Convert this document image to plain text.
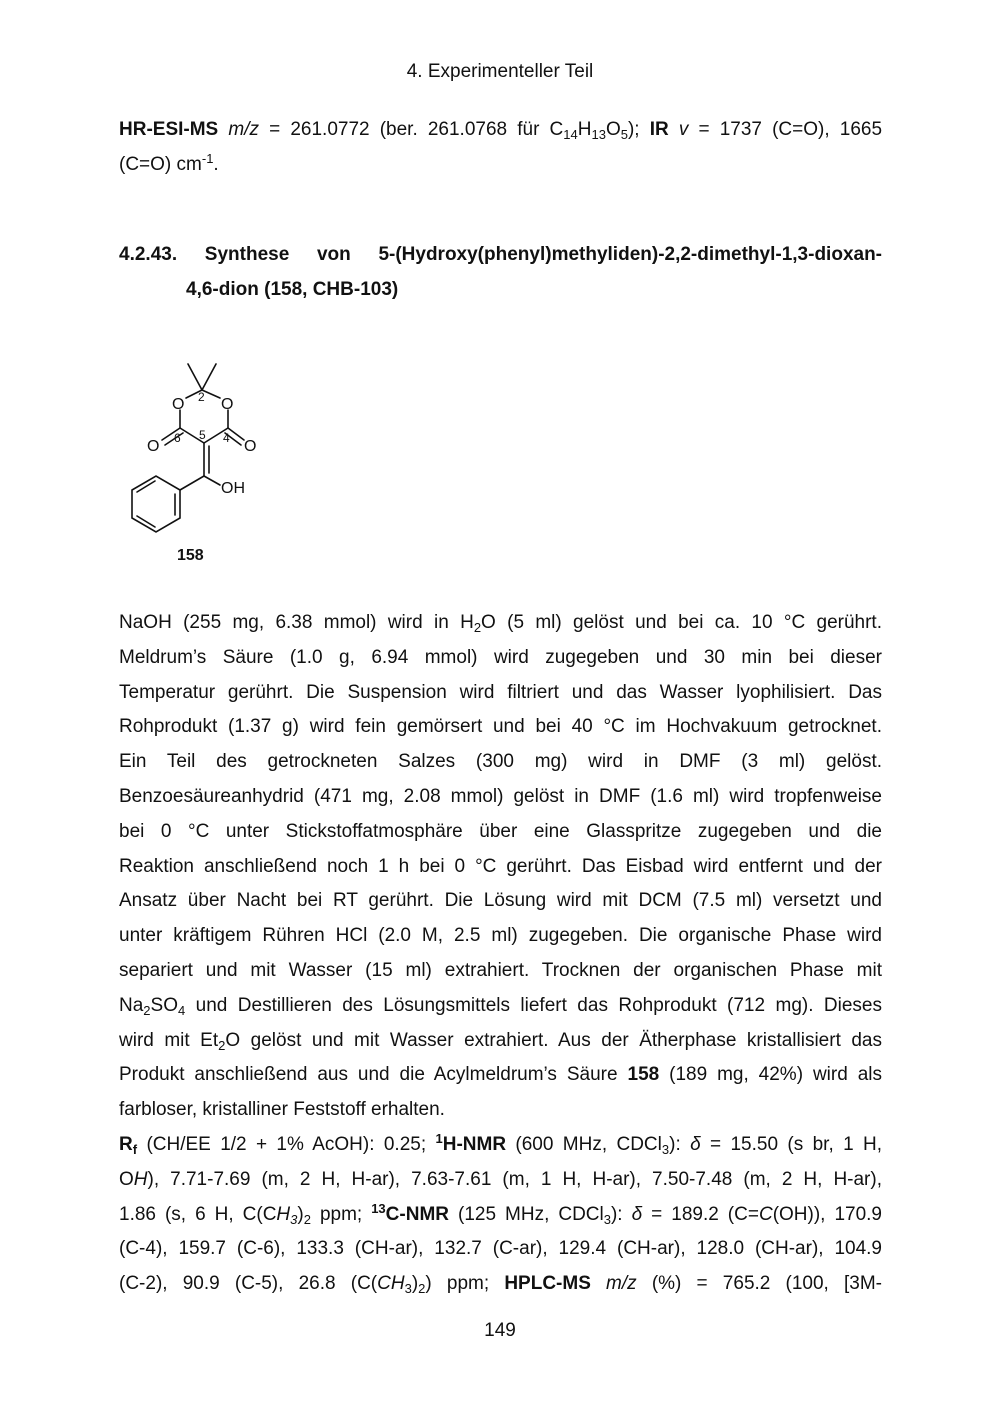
4. Experimenteller Teil
HR-ESI-MS m/z = 261.0772 (ber. 261.0768 für $C_{14}H_{13}O_5$); IR v = 1737 (C=O), 1665
(C=O) $cm^{-1}$.
4.2.43. Synthese von 5-(Hydroxy(phenyl)methyliden)-2,2-dimethyl-1,3-dioxan-
4,6-dion (158, CHB-103)
O O
O	O
OH
2
4
5
6
158
NaOH (255 mg, 6.38 mmol) wird in $H_2O$ (5 ml) gelöst und bei ca. 10 °C gerührt.
Meldrum’s Säure (1.0 g, 6.94 mmol) wird zugegeben und 30 min bei dieser
Temperatur gerührt. Die Suspension wird filtriert und das Wasser lyophilisiert. Das
Rohprodukt (1.37 g) wird fein gemörsert und bei 40 °C im Hochvakuum getrocknet.
Ein Teil des getrockneten Salzes (300 mg) wird in DMF (3 ml) gelöst.
Benzoesäureanhydrid (471 mg, 2.08 mmol) gelöst in DMF (1.6 ml) wird tropfenweise
bei 0 °C unter Stickstoffatmosphäre über eine Glasspritze zugegeben und die
Reaktion anschließend noch 1 h bei 0 °C gerührt. Das Eisbad wird entfernt und der
Ansatz über Nacht bei RT gerührt. Die Lösung wird mit DCM (7.5 ml) versetzt und
unter kräftigem Rühren HCl (2.0 M, 2.5 ml) zugegeben. Die organische Phase wird
separiert und mit Wasser (15 ml) extrahiert. Trocknen der organischen Phase mit
$Na_2SO_4$ und Destillieren des Lösungsmittels liefert das Rohprodukt (712 mg). Dieses
wird mit $Et_2O$ gelöst und mit Wasser extrahiert. Aus der Ätherphase kristallisiert das
Produkt anschließend aus und die Acylmeldrum’s Säure 158 (189 mg, 42%) wird als
farbloser, kristalliner Feststoff erhalten.
$R_f$ (CH/EE 1/2 + 1% AcOH): 0.25; $^1$H-NMR (600 MHz, CDCl$_3$): δ = 15.50 (s br, 1 H,
OH), 7.71-7.69 (m, 2 H, H-ar), 7.63-7.61 (m, 1 H, H-ar), 7.50-7.48 (m, 2 H, H-ar),
1.86 (s, 6 H, $C(CH_3)_2$ ppm; $^{13}$C-NMR (125 MHz, CDCl$_3$): δ = 189.2 (C=C(OH)), 170.9
(C-4), 159.7 (C-6), 133.3 (CH-ar), 132.7 (C-ar), 129.4 (CH-ar), 128.0 (CH-ar), 104.9
(C-2), 90.9 (C-5), 26.8 $(C(CH_3)_2)$ ppm; HPLC-MS m/z (%) = 765.2 (100, [3M-
149
